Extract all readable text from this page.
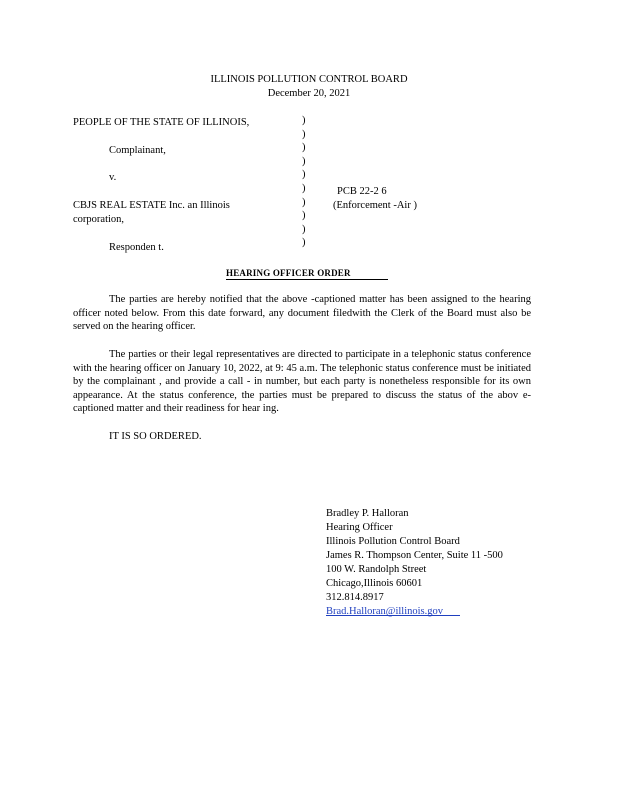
ILLINOIS POLLUTION CONTROL BOARD
December 20, 2021
PEOPLE OF THE STATE OF ILLINOIS,
Complainant,
v.
CBJS REAL ESTATE Inc. an Illinois
corporation,
Responden t.
)
)
)
)
)
)
)
)
)
)
PCB 22-2 6
(Enforcement -Air )
HEARING OFFICER ORDER
The parties are hereby notified that the above -captioned matter has been assigned to the hearing officer noted below. From this date forward, any document filedwith the Clerk of the Board must also be served on the hearing officer.
The parties or their legal representatives are directed to participate in a telephonic status conference with the hearing officer on January 10, 2022, at 9: 45 a.m. The telephonic status conference must be initiated by the complainant , and provide a call - in number, but each party is nonetheless responsible for its own appearance. At the status conference, the parties must be prepared to discuss the status of the abov e-captioned matter and their readiness for hear ing.
IT IS SO ORDERED.
Bradley P. Halloran
Hearing Officer
Illinois Pollution Control Board
James R. Thompson Center, Suite 11 -500
100 W. Randolph Street
Chicago,Illinois 60601
312.814.8917
Brad.Halloran@illinois.gov
